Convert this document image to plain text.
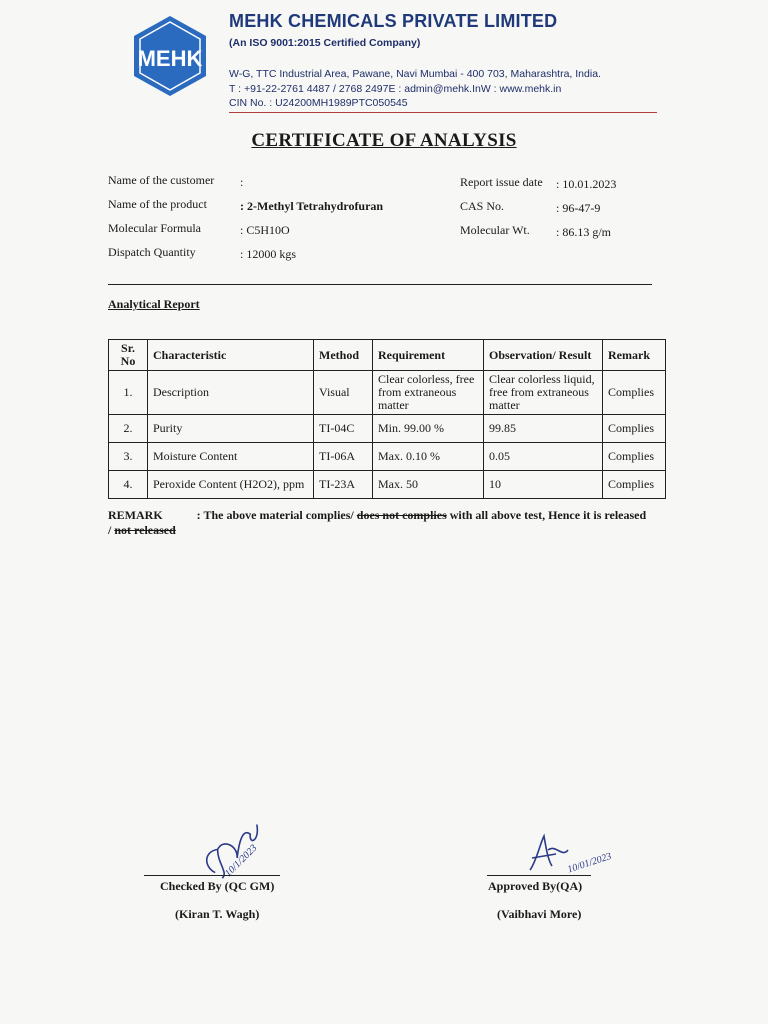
MEHK
MEHK CHEMICALS PRIVATE LIMITED
(An ISO 9001:2015 Certified Company)
W-G, TTC Industrial Area, Pawane, Navi Mumbai - 400 703, Maharashtra, India.
T : +91-22-2761 4487 / 2768 2497E : admin@mehk.InW : www.mehk.in
CIN No. : U24200MH1989PTC050545
CERTIFICATE OF ANALYSIS
Name of the customer :
Name of the product	: 2-Methyl Tetrahydrofuran
Molecular Formula	: C5H10O
Dispatch Quantity	: 12000 kgs
Report issue date : 10.01.2023
CAS No.	: 96-47-9
Molecular Wt. : 86.13 g/m
Analytical Report
Sr. No	Characteristic	Method	Requirement	Observation/ Result	Remark
1.	Description	Visual	Clear colorless, free from extraneous matter	Clear colorless liquid, free from extraneous matter	Complies
2.	Purity	TI-04C	Min. 99.00 %	99.85	Complies
3.	Moisture Content	TI-06A	Max. 0.10 %	0.05	Complies
4.	Peroxide Content (H2O2), ppm	TI-23A	Max. 50	10	Complies
REMARK	: The above material complies/ does not complies with all above test, Hence it is released
/ not released
10/1/2023
Checked By (QC GM)
(Kiran T. Wagh)
10/01/2023
Approved By(QA)
(Vaibhavi More)
